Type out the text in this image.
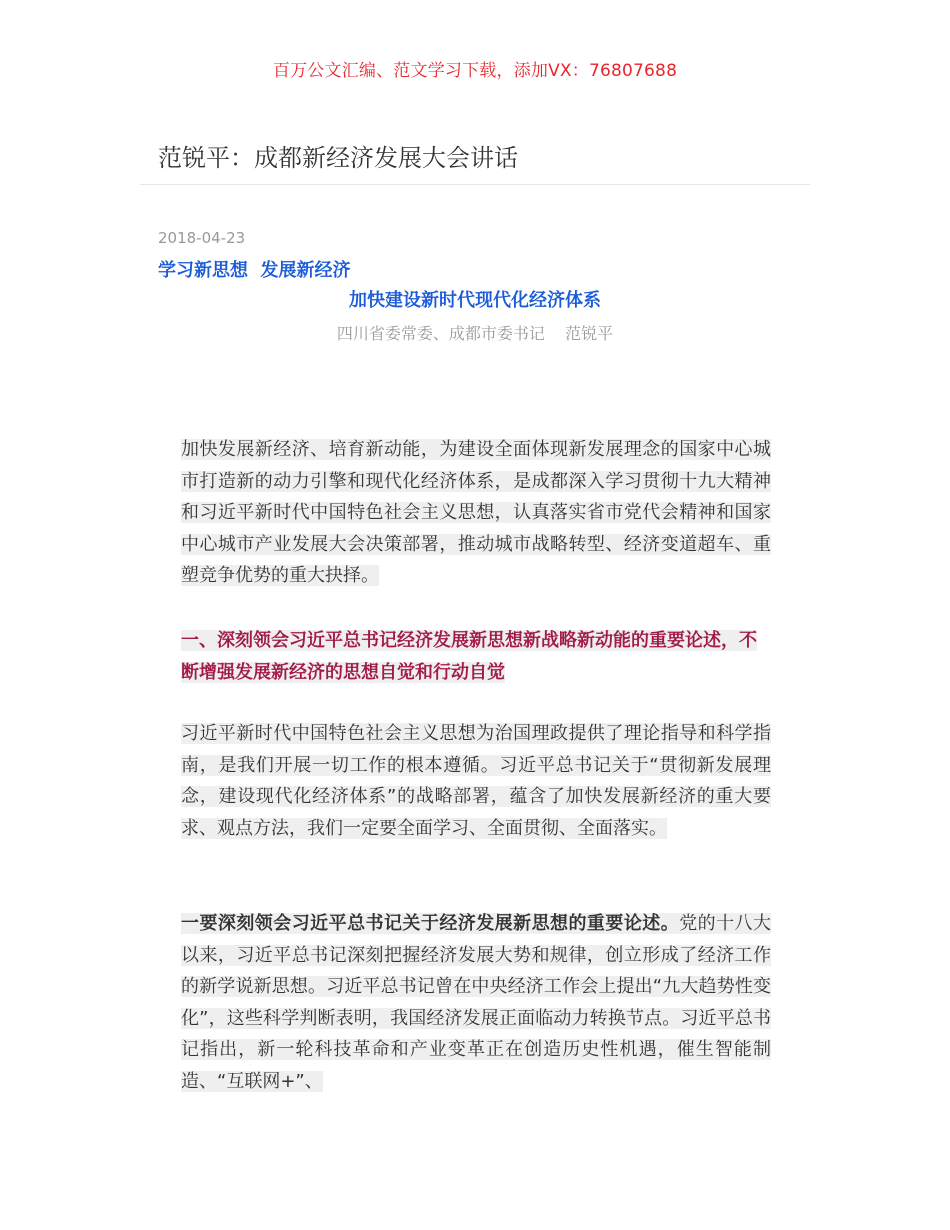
百万公文汇编、范文学习下载，添加VX：76807688
范锐平：成都新经济发展大会讲话
2018-04-23
学习新思想  发展新经济
加快建设新时代现代化经济体系
四川省委常委、成都市委书记    范锐平

加快发展新经济、培育新动能，为建设全面体现新发展理念的国家中心城市打造新的动力引擎和现代化经济体系，是成都深入学习贯彻十九大精神和习近平新时代中国特色社会主义思想，认真落实省市党代会精神和国家中心城市产业发展大会决策部署，推动城市战略转型、经济变道超车、重塑竞争优势的重大抉择。

一、深刻领会习近平总书记经济发展新思想新战略新动能的重要论述，不断增强发展新经济的思想自觉和行动自觉

习近平新时代中国特色社会主义思想为治国理政提供了理论指导和科学指南，是我们开展一切工作的根本遵循。习近平总书记关于“贯彻新发展理念，建设现代化经济体系”的战略部署，蕴含了加快发展新经济的重大要求、观点方法，我们一定要全面学习、全面贯彻、全面落实。

一要深刻领会习近平总书记关于经济发展新思想的重要论述。党的十八大以来，习近平总书记深刻把握经济发展大势和规律，创立形成了经济工作的新学说新思想。习近平总书记曾在中央经济工作会上提出“九大趋势性变化”，这些科学判断表明，我国经济发展正面临动力转换节点。习近平总书记指出，新一轮科技革命和产业变革正在创造历史性机遇，催生智能制造、“互联网+”、
